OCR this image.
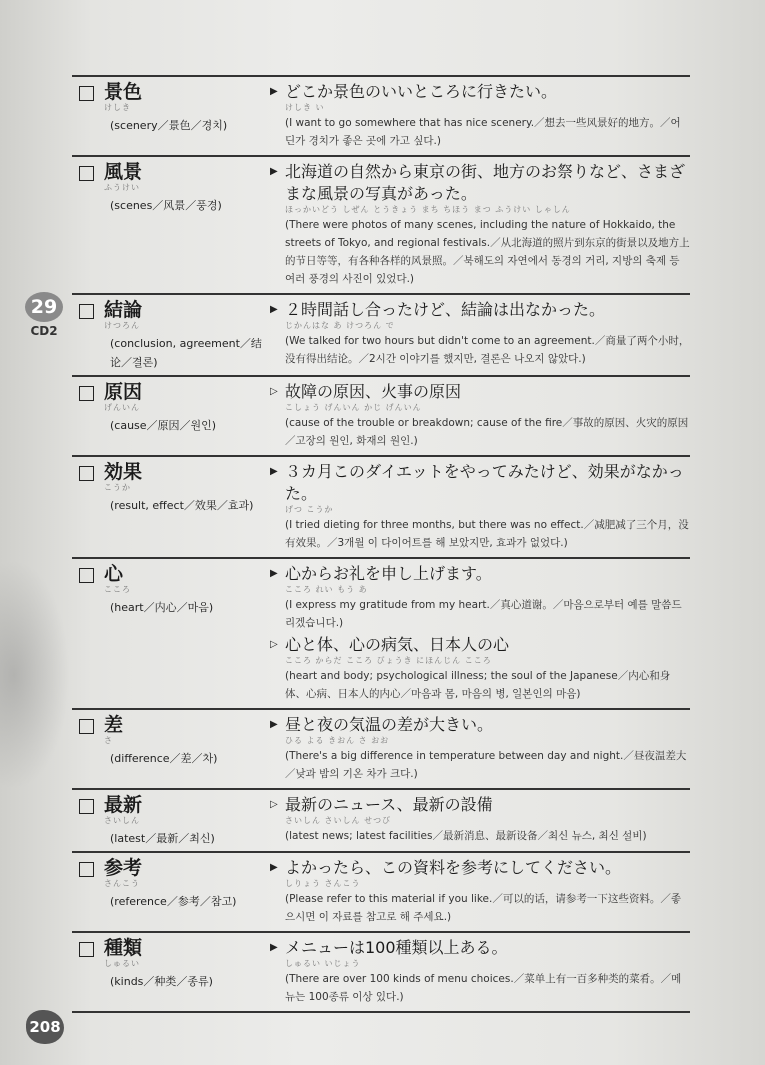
29
CD2
景色
けしき
(scenery／景色／경치)
▶ どこか景色のいいところに行きたい。
けしき い
(I want to go somewhere that has nice scenery.／想去一些风景好的地方。／어딘가 경치가 좋은 곳에 가고 싶다.)
風景
ふうけい
(scenes／风景／풍경)
▶ 北海道の自然から東京の街、地方のお祭りなど、さまざまな風景の写真があった。
ほっかいどう しぜん とうきょう まち ちほう まつ ふうけい しゃしん
(There were photos of many scenes, including the nature of Hokkaido, the streets of Tokyo, and regional festivals.／从北海道的照片到东京的街景以及地方上的节日等等，有各种各样的风景照。／북해도의 자연에서 동경의 거리, 지방의 축제 등 여러 풍경의 사진이 있었다.)
結論
けつろん
(conclusion, agreement／结论／결론)
▶ ２時間話し合ったけど、結論は出なかった。
じかんはな あ けつろん で
(We talked for two hours but didn't come to an agreement.／商量了两个小时，没有得出结论。／2시간 이야기를 했지만, 결론은 나오지 않았다.)
原因
げんいん
(cause／原因／원인)
▷ 故障の原因、火事の原因
こしょう げんいん かじ げんいん
(cause of the trouble or breakdown; cause of the fire／事故的原因、火灾的原因／고장의 원인, 화재의 원인.)
効果
こうか
(result, effect／效果／효과)
▶ ３カ月このダイエットをやってみたけど、効果がなかった。
げつ こうか
(I tried dieting for three months, but there was no effect.／减肥减了三个月，没有效果。／3개월 이 다이어트를 해 보았지만, 효과가 없었다.)
心
こころ
(heart／内心／마음)
▶ 心からお礼を申し上げます。
こころ れい もう あ
(I express my gratitude from my heart.／真心道谢。／마음으로부터 예를 말씀드리겠습니다.)
▷ 心と体、心の病気、日本人の心
こころ からだ こころ びょうき にほんじん こころ
(heart and body; psychological illness; the soul of the Japanese／内心和身体、心病、日本人的内心／마음과 몸, 마음의 병, 일본인의 마음)
差
さ
(difference／差／차)
▶ 昼と夜の気温の差が大きい。
ひる よる きおん さ おお
(There's a big difference in temperature between day and night.／昼夜温差大／낮과 밤의 기온 차가 크다.)
最新
さいしん
(latest／最新／최신)
▷ 最新のニュース、最新の設備
さいしん さいしん せつび
(latest news; latest facilities／最新消息、最新设备／최신 뉴스, 최신 설비)
参考
さんこう
(reference／参考／참고)
▶ よかったら、この資料を参考にしてください。
しりょう さんこう
(Please refer to this material if you like.／可以的话，请参考一下这些资料。／좋으시면 이 자료를 참고로 해 주세요.)
種類
しゅるい
(kinds／种类／종류)
▶ メニューは100種類以上ある。
しゅるい いじょう
(There are over 100 kinds of menu choices.／菜单上有一百多种类的菜肴。／메뉴는 100종류 이상 있다.)
208
